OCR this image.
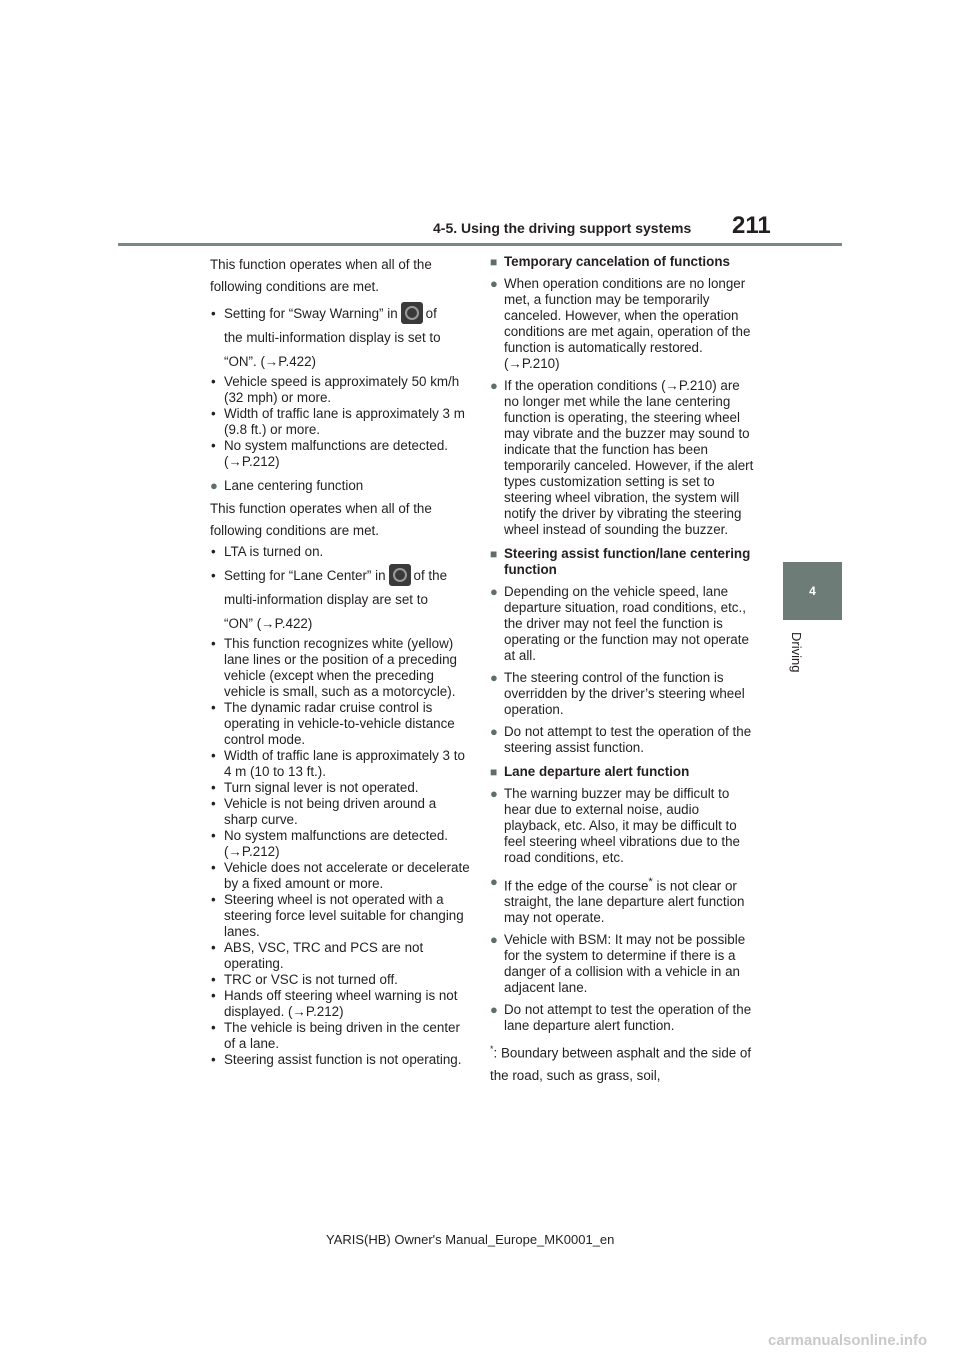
4-5. Using the driving support systems 211
4
Driving

This function operates when all of the following conditions are met.

• Setting for “Sway Warning” in of
the multi-information display is set to
“ON”. (→P.422)
• Vehicle speed is approximately 50 km/h (32 mph) or more.
• Width of traffic lane is approximately 3 m (9.8 ft.) or more.
• No system malfunctions are detected. (→P.212)
● Lane centering function

This function operates when all of the following conditions are met.

• LTA is turned on.
• Setting for “Lane Center” in of the
multi-information display are set to
“ON” (→P.422)
• This function recognizes white (yellow) lane lines or the position of a preceding vehicle (except when the preceding vehicle is small, such as a motorcycle).
• The dynamic radar cruise control is operating in vehicle-to-vehicle distance control mode.
• Width of traffic lane is approximately 3 to 4 m (10 to 13 ft.).
• Turn signal lever is not operated.
• Vehicle is not being driven around a sharp curve.
• No system malfunctions are detected. (→P.212)
• Vehicle does not accelerate or decelerate by a fixed amount or more.
• Steering wheel is not operated with a steering force level suitable for changing lanes.
• ABS, VSC, TRC and PCS are not operating.
• TRC or VSC is not turned off.
• Hands off steering wheel warning is not displayed. (→P.212)
• The vehicle is being driven in the center of a lane.
• Steering assist function is not operating.
■ Temporary cancelation of functions
● When operation conditions are no longer met, a function may be temporarily canceled. However, when the operation conditions are met again, operation of the function is automatically restored. (→P.210)
● If the operation conditions (→P.210) are no longer met while the lane centering function is operating, the steering wheel may vibrate and the buzzer may sound to indicate that the function has been temporarily canceled. However, if the alert types customization setting is set to steering wheel vibration, the system will notify the driver by vibrating the steering wheel instead of sounding the buzzer.
■ Steering assist function/lane centering function
● Depending on the vehicle speed, lane departure situation, road conditions, etc., the driver may not feel the function is operating or the function may not operate at all.
● The steering control of the function is overridden by the driver’s steering wheel operation.
● Do not attempt to test the operation of the steering assist function.
■ Lane departure alert function
● The warning buzzer may be difficult to hear due to external noise, audio playback, etc. Also, it may be difficult to feel steering wheel vibrations due to the road conditions, etc.
● If the edge of the course* is not clear or straight, the lane departure alert function may not operate.
● Vehicle with BSM: It may not be possible for the system to determine if there is a danger of a collision with a vehicle in an adjacent lane.
● Do not attempt to test the operation of the lane departure alert function.

*: Boundary between asphalt and the side of the road, such as grass, soil,

YARIS(HB) Owner's Manual_Europe_MK0001_en
carmanualsonline.info
